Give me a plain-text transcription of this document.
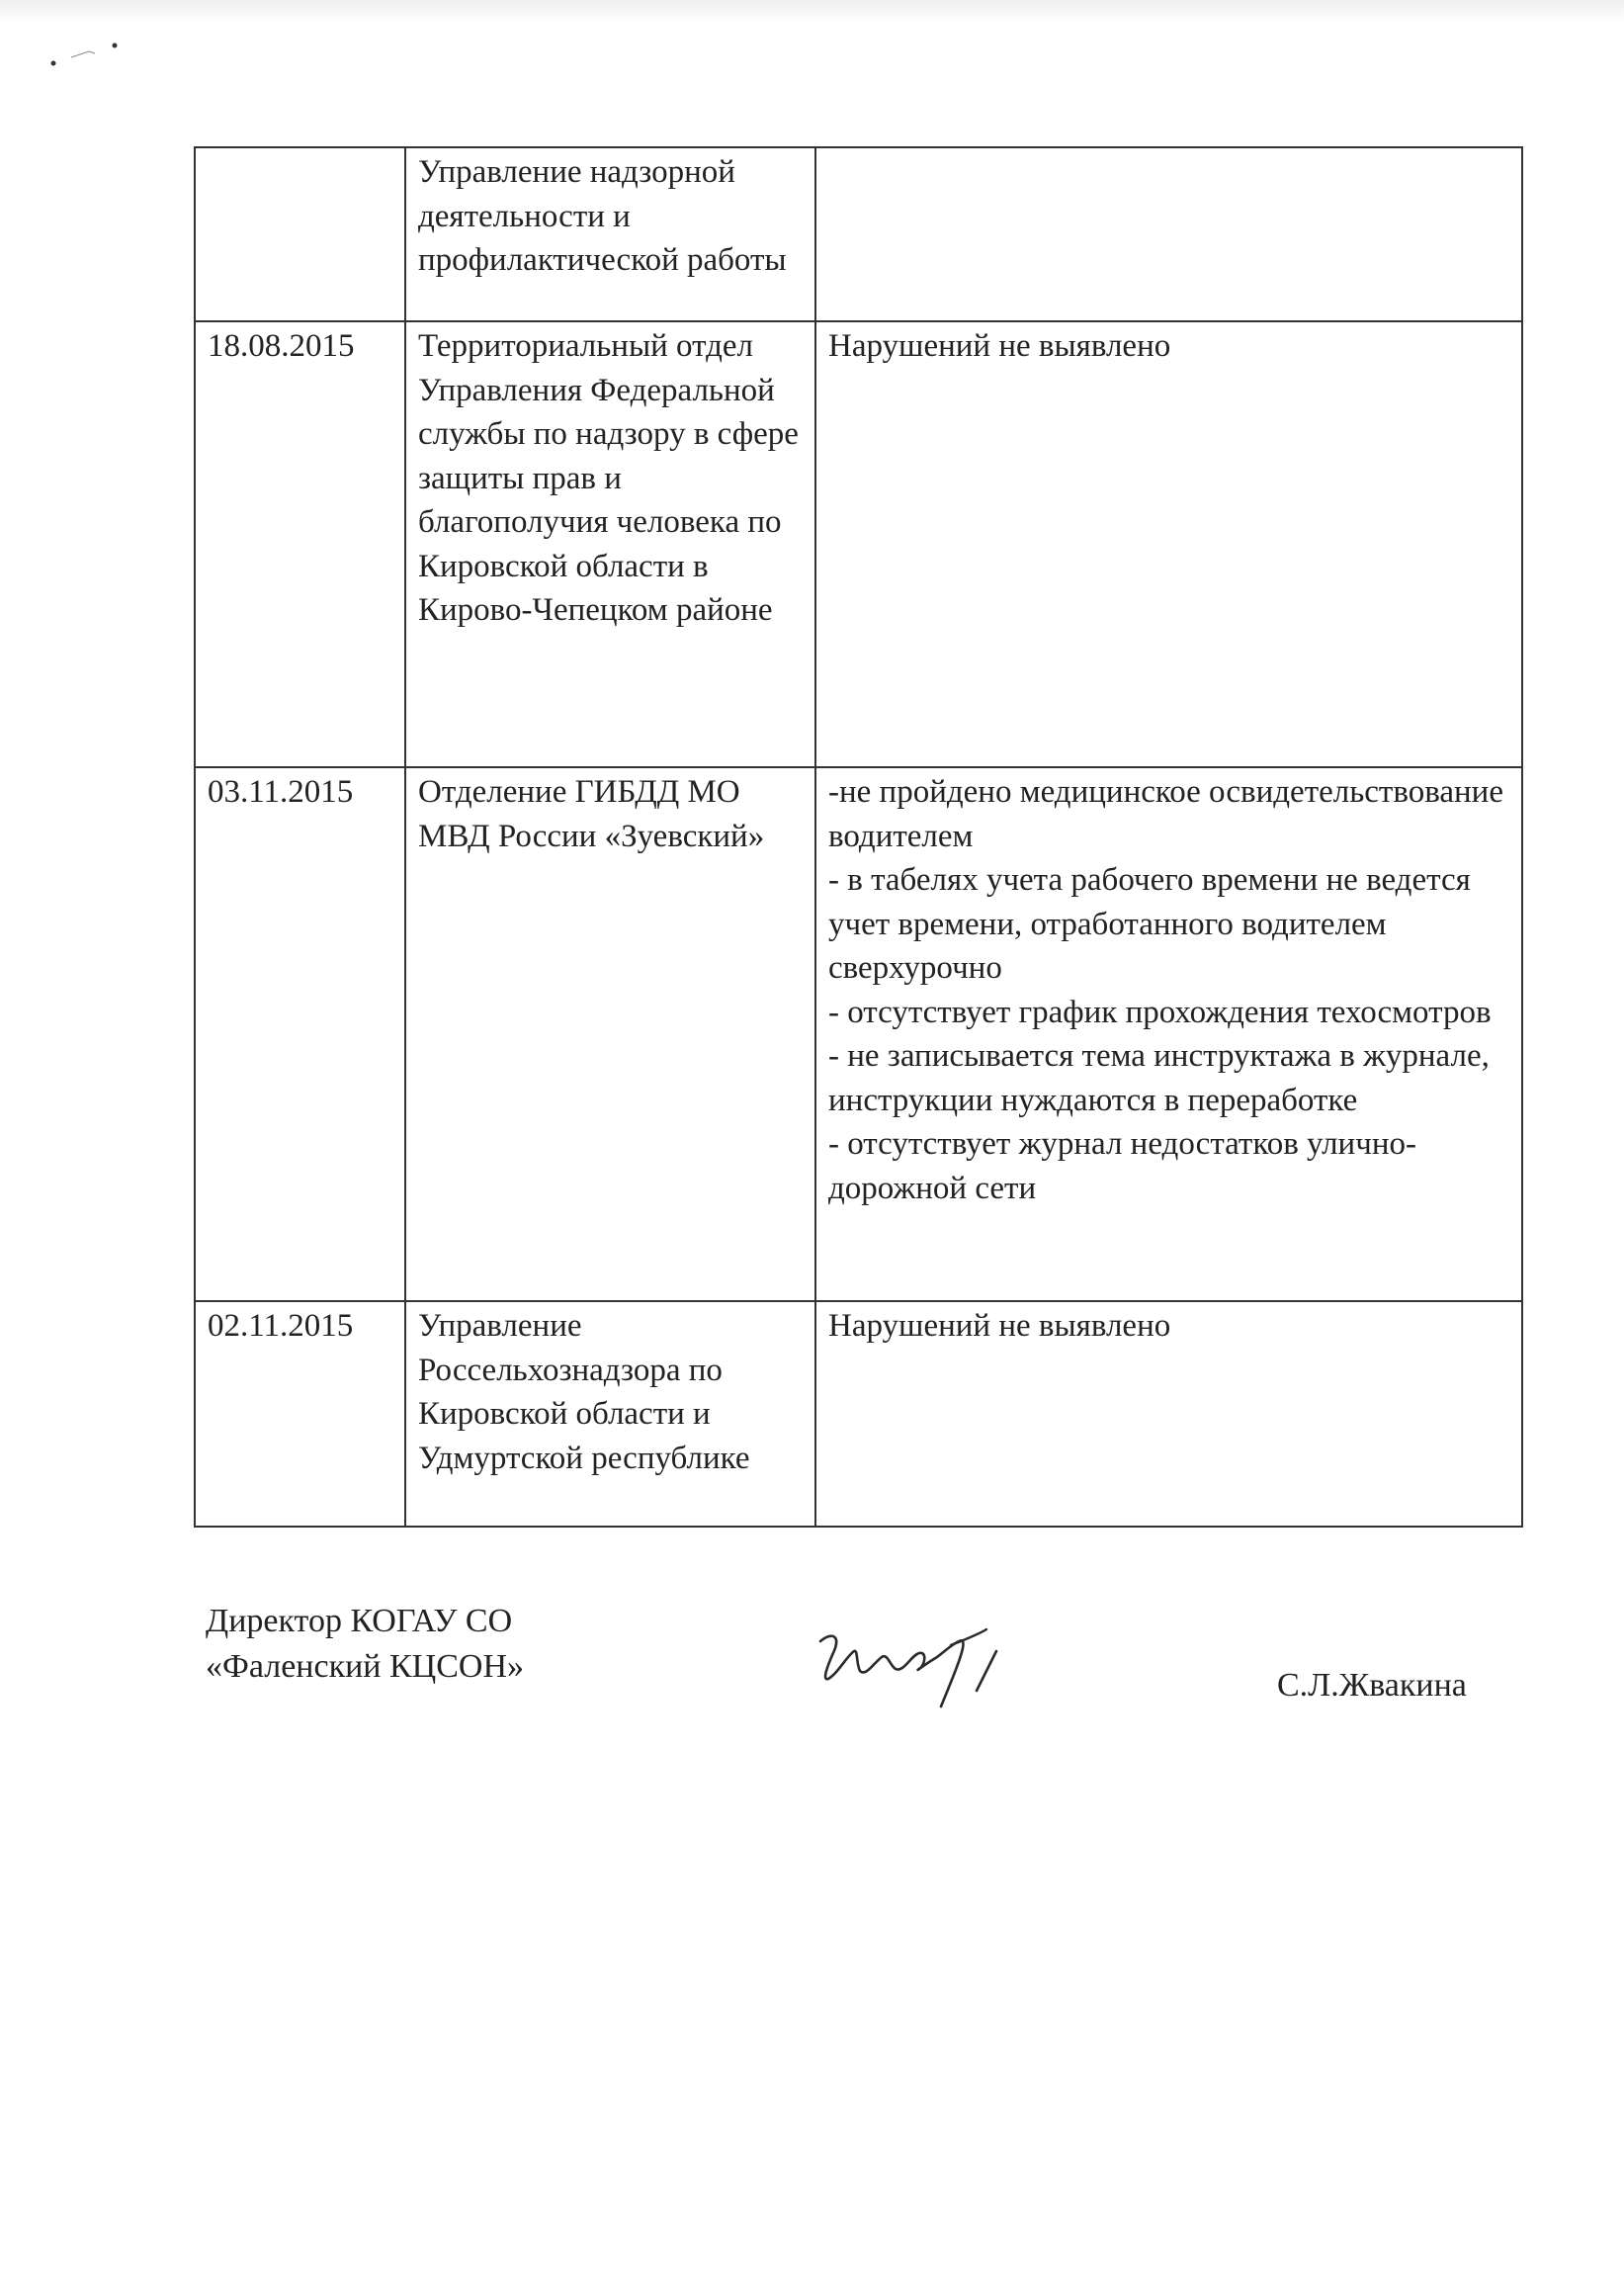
	Управление надзорной деятельности и профилактической работы	
18.08.2015	Территориальный отдел Управления Федеральной службы по надзору в сфере защиты прав и благополучия человека по Кировской области в Кирово-Чепецком районе	Нарушений не выявлено

03.11.2015	Отделение ГИБДД МО МВД России «Зуевский»	-не пройдено медицинское освидетельствование водителем
- в табелях учета рабочего времени не ведется учет времени, отработанного водителем сверхурочно
- отсутствует график прохождения техосмотров
- не записывается тема инструктажа в журнале, инструкции нуждаются в переработке
- отсутствует журнал недостатков улично-дорожной сети

02.11.2015	Управление Россельхознадзора по Кировской области и Удмуртской республике	Нарушений не выявлено
Директор КОГАУ СО
«Фаленский КЦСОН»
С.Л.Жвакина
